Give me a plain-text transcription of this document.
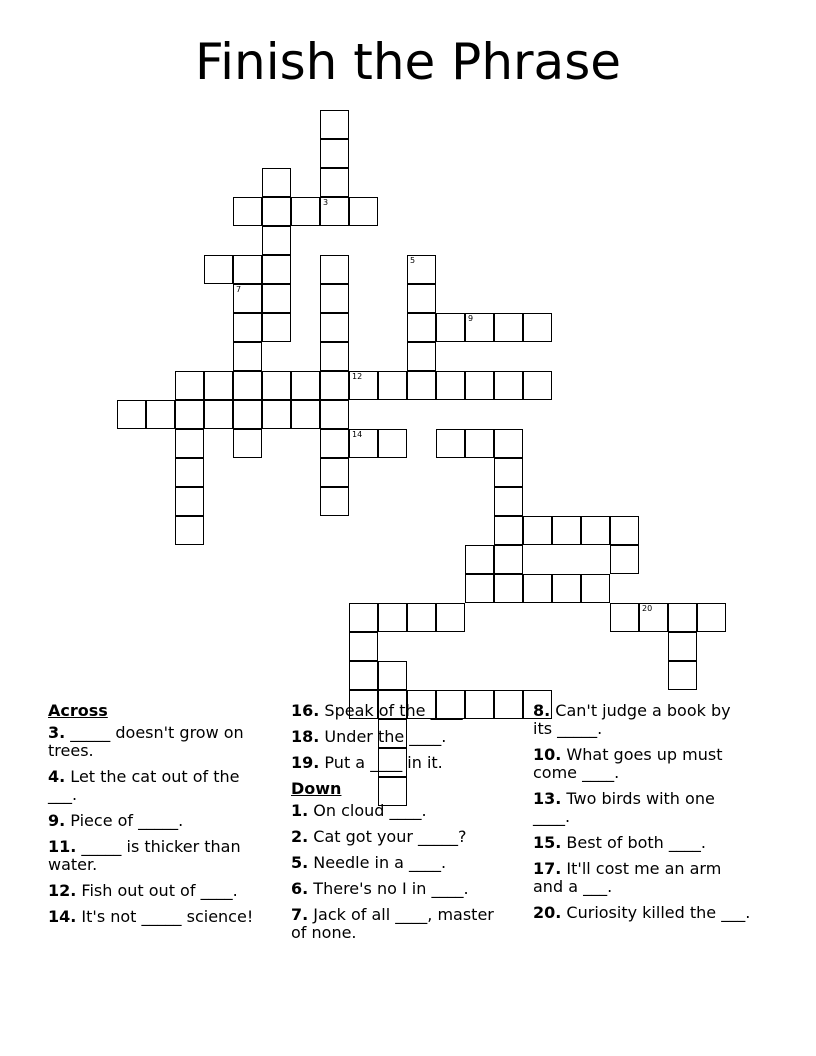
Finish the Phrase
3
5
7
9
12
14
20
Across
3. _____ doesn't grow on trees.
4. Let the cat out of the ___.
9. Piece of _____.
11. _____ is thicker than water.
12. Fish out out of ____.
14. It's not _____ science!
16. Speak of the ____.
18. Under the ____.
19. Put a ____ in it.
Down
1. On cloud ____.
2. Cat got your _____?
5. Needle in a ____.
6. There's no I in ____.
7. Jack of all ____, master of none.
8. Can't judge a book by its _____.
10. What goes up must come ____.
13. Two birds with one ____.
15. Best of both ____.
17. It'll cost me an arm and a ___.
20. Curiosity killed the ___.
